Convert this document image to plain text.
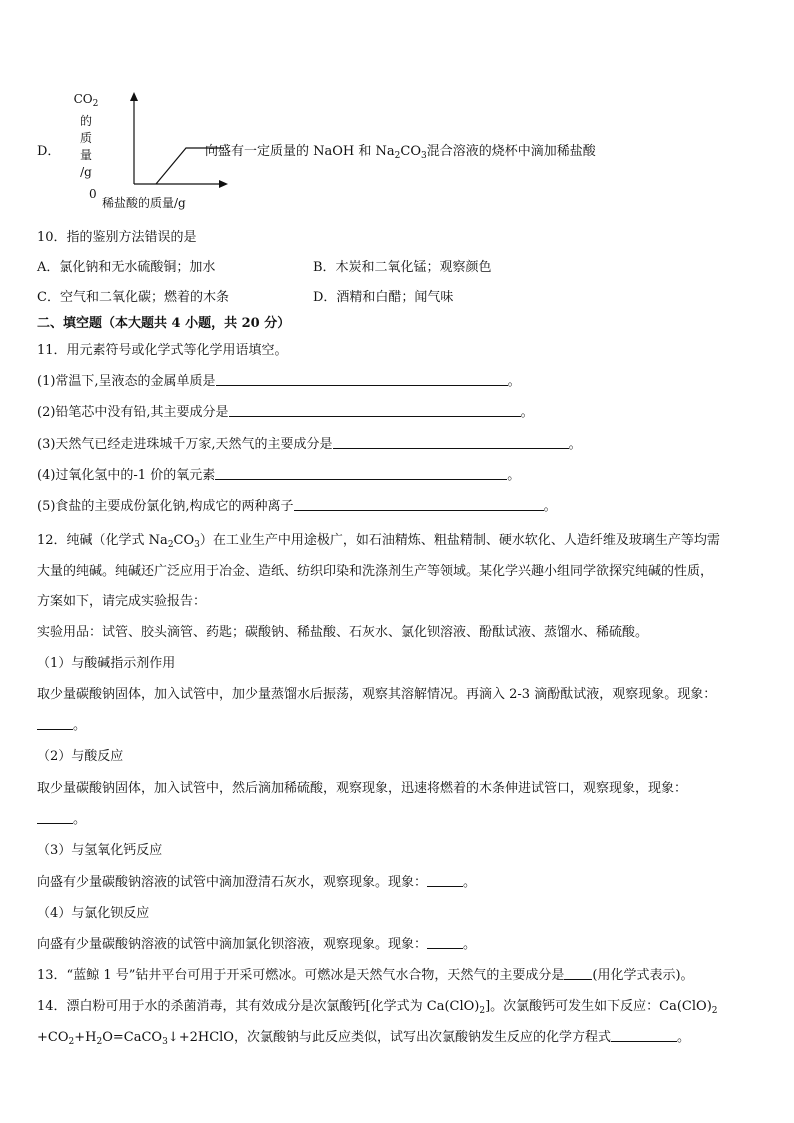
D．
$CO_2$
的
质
量
/g
0
稀盐酸的质量/g
向盛有一定质量的 NaOH 和 $Na_2CO_3$混合溶液的烧杯中滴加稀盐酸
10．指的鉴别方法错误的是
A．氯化钠和无水硫酸铜；加水	B．木炭和二氧化锰；观察颜色
C．空气和二氧化碳；燃着的木条	D．酒精和白醋；闻气味
二、填空题（本大题共 4 小题，共 20 分）
11．用元素符号或化学式等化学用语填空。
(1)常温下,呈液态的金属单质是	。
(2)铅笔芯中没有铅,其主要成分是	。
(3)天然气已经走进珠城千万家,天然气的主要成分是	。
(4)过氧化氢中的-1 价的氧元素	。
(5)食盐的主要成份氯化钠,构成它的两种离子	。
12．纯碱（化学式 $Na_2CO_3$）在工业生产中用途极广，如石油精炼、粗盐精制、硬水软化、人造纤维及玻璃生产等均需
大量的纯碱。纯碱还广泛应用于冶金、造纸、纺织印染和洗涤剂生产等领域。某化学兴趣小组同学欲探究纯碱的性质，
方案如下，请完成实验报告：
实验用品：试管、胶头滴管、药匙；碳酸钠、稀盐酸、石灰水、氯化钡溶液、酚酞试液、蒸馏水、稀硫酸。
（1）与酸碱指示剂作用
取少量碳酸钠固体，加入试管中，加少量蒸馏水后振荡，观察其溶解情况。再滴入 2-3 滴酚酞试液，观察现象。现象：
。
（2）与酸反应
取少量碳酸钠固体，加入试管中，然后滴加稀硫酸，观察现象，迅速将燃着的木条伸进试管口，观察现象，现象：
。
（3）与氢氧化钙反应
向盛有少量碳酸钠溶液的试管中滴加澄清石灰水，观察现象。现象：	。
（4）与氯化钡反应
向盛有少量碳酸钠溶液的试管中滴加氯化钡溶液，观察现象。现象：	。
13．“蓝鲸 1 号”钻井平台可用于开采可燃冰。可燃冰是天然气水合物，天然气的主要成分是 (用化学式表示)。
14．漂白粉可用于水的杀菌消毒，其有效成分是次氯酸钙[化学式为 $Ca(ClO)_2$]。次氯酸钙可发生如下反应：$Ca(ClO)_2$
$+CO_2+H_2O=CaCO_3↓+2HClO$，次氯酸钠与此反应类似，试写出次氯酸钠发生反应的化学方程式	。
